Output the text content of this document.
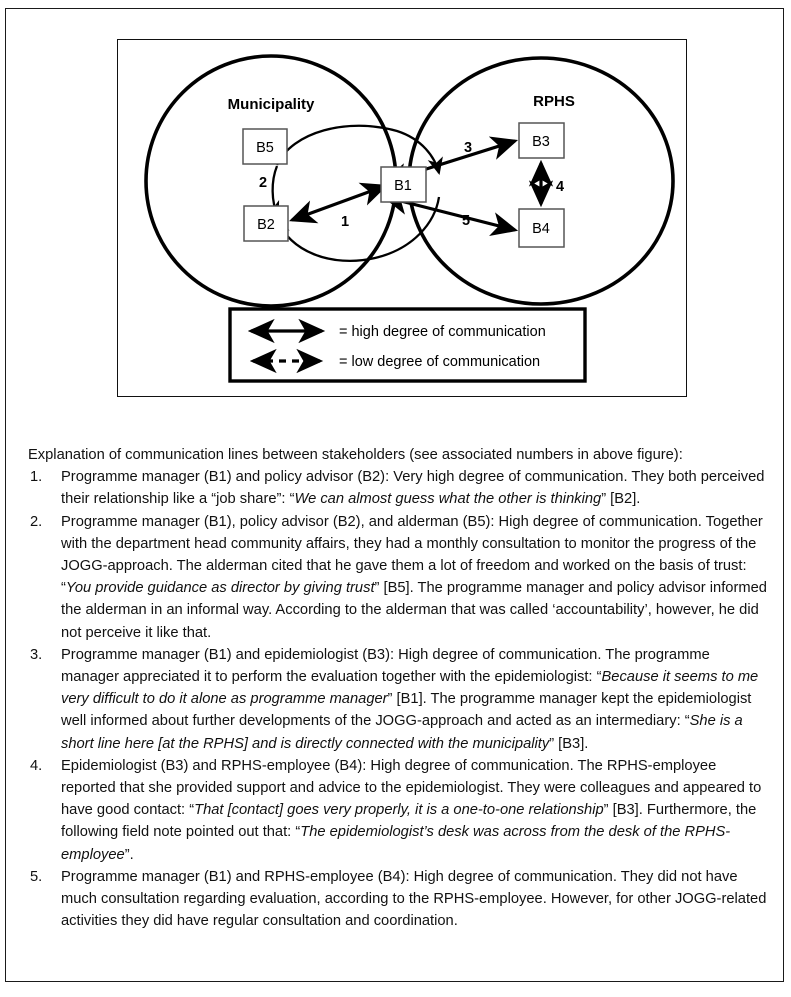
Municipality	RPHS
B5
B2
B3
B4
B1
1
2
3
4
5
= high degree of communication
= low degree of communication

Explanation of communication lines between stakeholders (see associated numbers in above figure):

1. Programme manager (B1) and policy advisor (B2): Very high degree of communication. They both perceived their relationship like a “job share”: “We can almost guess what the other is thinking” [B2].
2. Programme manager (B1), policy advisor (B2), and alderman (B5): High degree of communication. Together with the department head community affairs, they had a monthly consultation to monitor the progress of the JOGG-approach. The alderman cited that he gave them a lot of freedom and worked on the basis of trust: “You provide guidance as director by giving trust” [B5]. The programme manager and policy advisor informed the alderman in an informal way. According to the alderman that was called ‘accountability’, however, he did not perceive it like that.
3. Programme manager (B1) and epidemiologist (B3): High degree of communication. The programme manager appreciated it to perform the evaluation together with the epidemiologist: “Because it seems to me very difficult to do it alone as programme manager” [B1]. The programme manager kept the epidemiologist well informed about further developments of the JOGG-approach and acted as an intermediary: “She is a short line here [at the RPHS] and is directly connected with the municipality” [B3].
4. Epidemiologist (B3) and RPHS-employee (B4): High degree of communication. The RPHS-employee reported that she provided support and advice to the epidemiologist. They were colleagues and appeared to have good contact: “That [contact] goes very properly, it is a one-to-one relationship” [B3]. Furthermore, the following field note pointed out that: “The epidemiologist’s desk was across from the desk of the RPHS-employee”.
5. Programme manager (B1) and RPHS-employee (B4): High degree of communication. They did not have much consultation regarding evaluation, according to the RPHS-employee. However, for other JOGG-related activities they did have regular consultation and coordination.
